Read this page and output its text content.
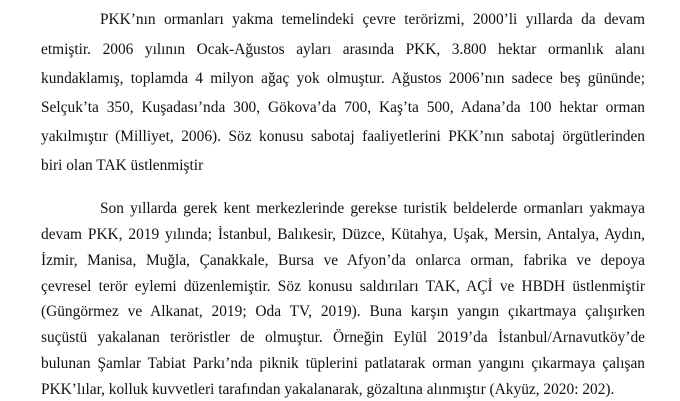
PKK’nın ormanları yakma temelindeki çevre terörizmi, 2000’li yıllarda da devam
etmiştir. 2006 yılının Ocak-Ağustos ayları arasında PKK, 3.800 hektar ormanlık alanı
kundaklamış, toplamda 4 milyon ağaç yok olmuştur. Ağustos 2006’nın sadece beş gününde;
Selçuk’ta 350, Kuşadası’nda 300, Gökova’da 700, Kaş’ta 500, Adana’da 100 hektar orman
yakılmıştır (Milliyet, 2006). Söz konusu sabotaj faaliyetlerini PKK’nın sabotaj örgütlerinden
biri olan TAK üstlenmiştir
Son yıllarda gerek kent merkezlerinde gerekse turistik beldelerde ormanları yakmaya
devam PKK, 2019 yılında; İstanbul, Balıkesir, Düzce, Kütahya, Uşak, Mersin, Antalya, Aydın,
İzmir, Manisa, Muğla, Çanakkale, Bursa ve Afyon’da onlarca orman, fabrika ve depoya
çevresel terör eylemi düzenlemiştir. Söz konusu saldırıları TAK, AÇİ ve HBDH üstlenmiştir
(Güngörmez ve Alkanat, 2019; Oda TV, 2019). Buna karşın yangın çıkartmaya çalışırken
suçüstü yakalanan teröristler de olmuştur. Örneğin Eylül 2019’da İstanbul/Arnavutköy’de
bulunan Şamlar Tabiat Parkı’nda piknik tüplerini patlatarak orman yangını çıkarmaya çalışan
PKK’lılar, kolluk kuvvetleri tarafından yakalanarak, gözaltına alınmıştır (Akyüz, 2020: 202).
